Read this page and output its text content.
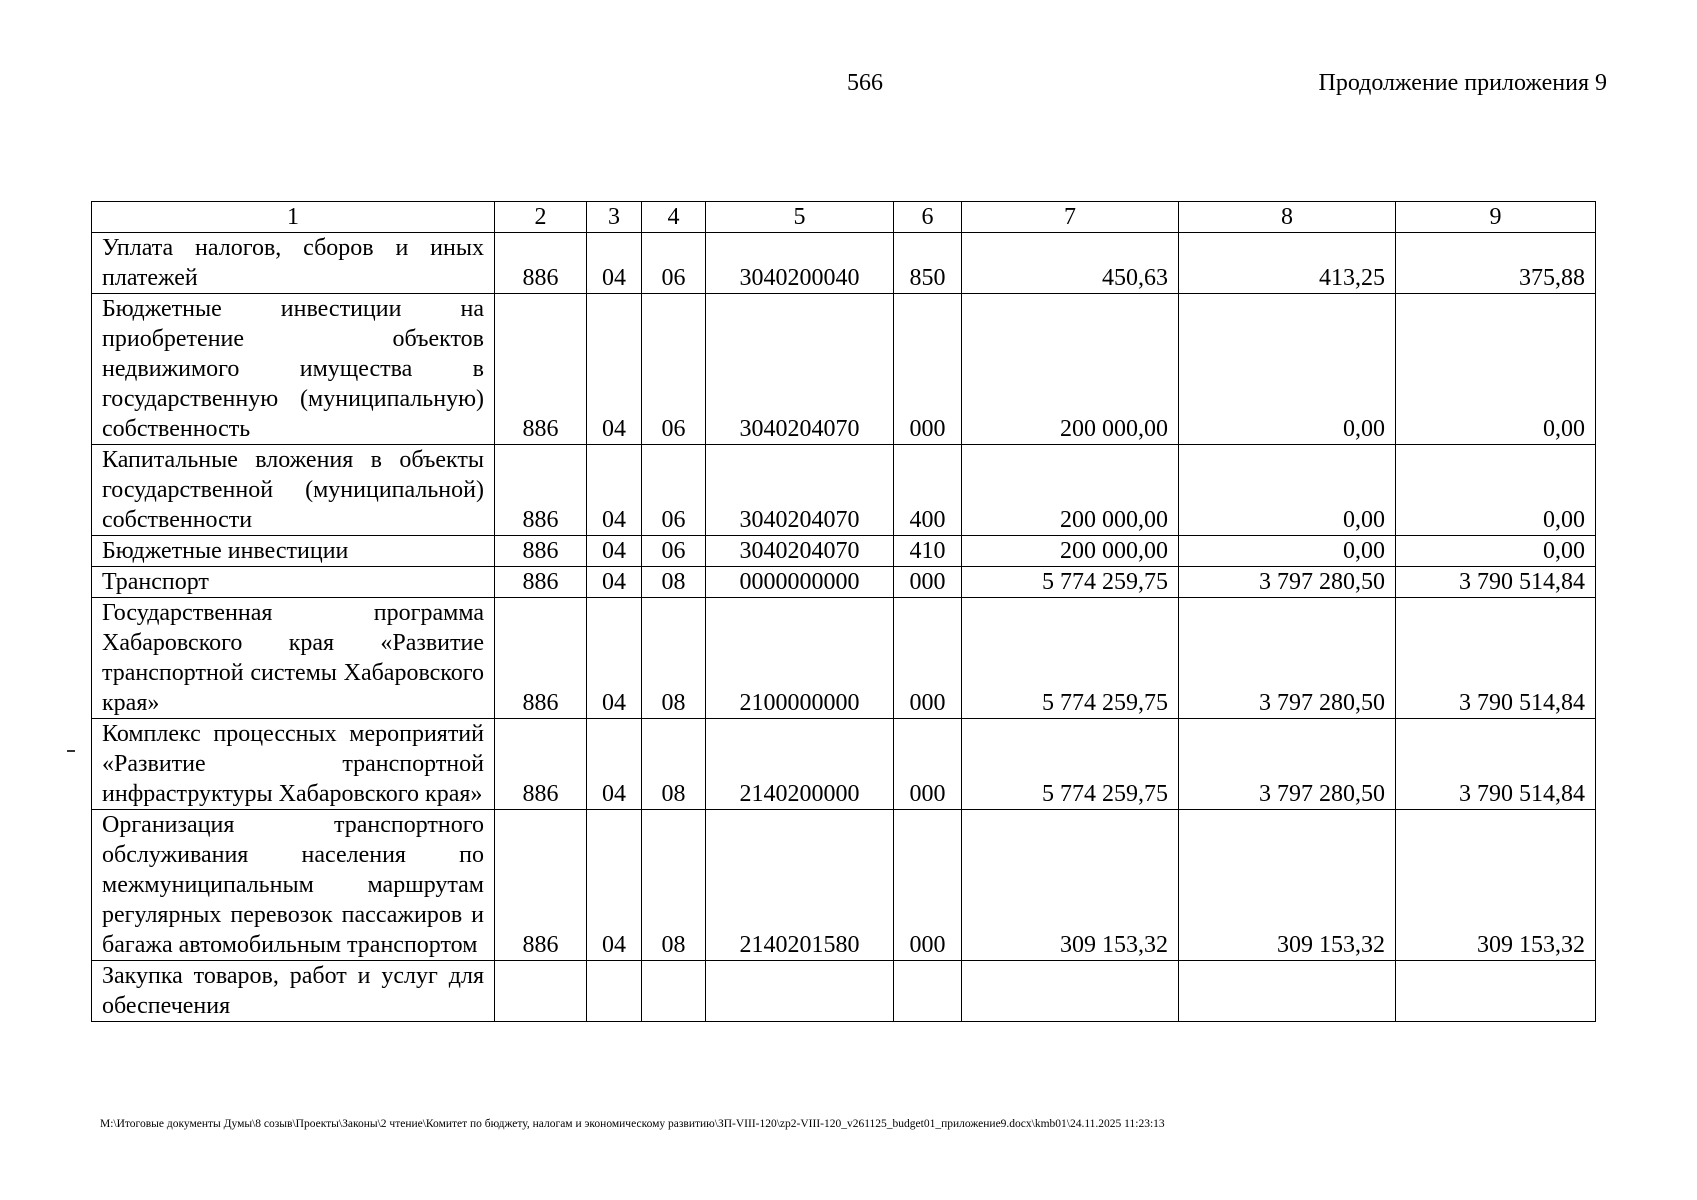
566	Продолжение приложения 9
1	2	3	4	5	6	7	8	9
Уплата налогов, сборов и иных платежей	886	04	06	3040200040	850	450,63	413,25	375,88
Бюджетные инвестиции на приобретение объектов недвижимого имущества в государственную (муниципальную) собственность	886	04	06	3040204070	000	200 000,00	0,00	0,00
Капитальные вложения в объекты государственной (муниципальной) собственности	886	04	06	3040204070	400	200 000,00	0,00	0,00
Бюджетные инвестиции	886	04	06	3040204070	410	200 000,00	0,00	0,00
Транспорт	886	04	08	0000000000	000	5 774 259,75	3 797 280,50	3 790 514,84
Государственная программа Хабаровского края «Развитие транспортной системы Хабаровского края»	886	04	08	2100000000	000	5 774 259,75	3 797 280,50	3 790 514,84
Комплекс процессных мероприятий «Развитие транспортной инфраструктуры Хабаровского края»	886	04	08	2140200000	000	5 774 259,75	3 797 280,50	3 790 514,84
Организация транспортного обслуживания населения по межмуниципальным маршрутам регулярных перевозок пассажиров и багажа автомобильным транспортом	886	04	08	2140201580	000	309 153,32	309 153,32	309 153,32
Закупка товаров, работ и услуг для обеспечения								
M:\Итоговые документы Думы\8 созыв\Проекты\Законы\2 чтение\Комитет по бюджету, налогам и экономическому развитию\ЗП-VIII-120\zp2-VIII-120_v261125_budget01_приложение9.docx\kmb01\24.11.2025 11:23:13
